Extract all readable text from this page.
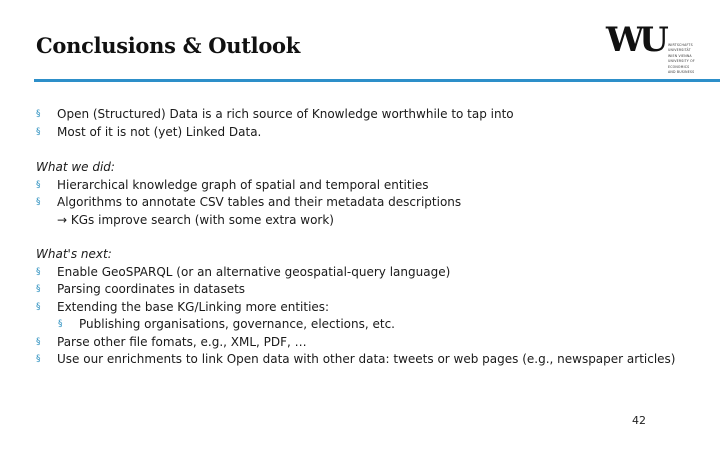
Conclusions & Outlook	WU WIRTSCHAFTS
UNIVERSITÄT
WIEN VIENNA
UNIVERSITY OF
ECONOMICS
AND BUSINESS
§ Open (Structured) Data is a rich source of Knowledge worthwhile to tap into
§ Most of it is not (yet) Linked Data.
What we did:
§ Hierarchical knowledge graph of spatial and temporal entities
§ Algorithms to annotate CSV tables and their metadata descriptions
→ KGs improve search (with some extra work)
What's next:
§ Enable GeoSPARQL (or an alternative geospatial-query language)
§ Parsing coordinates in datasets
§ Extending the base KG/Linking more entities:
§ Publishing organisations, governance, elections, etc.
§ Parse other file fomats, e.g., XML, PDF, …
§ Use our enrichments to link Open data with other data: tweets or web pages (e.g., newspaper articles)
42
